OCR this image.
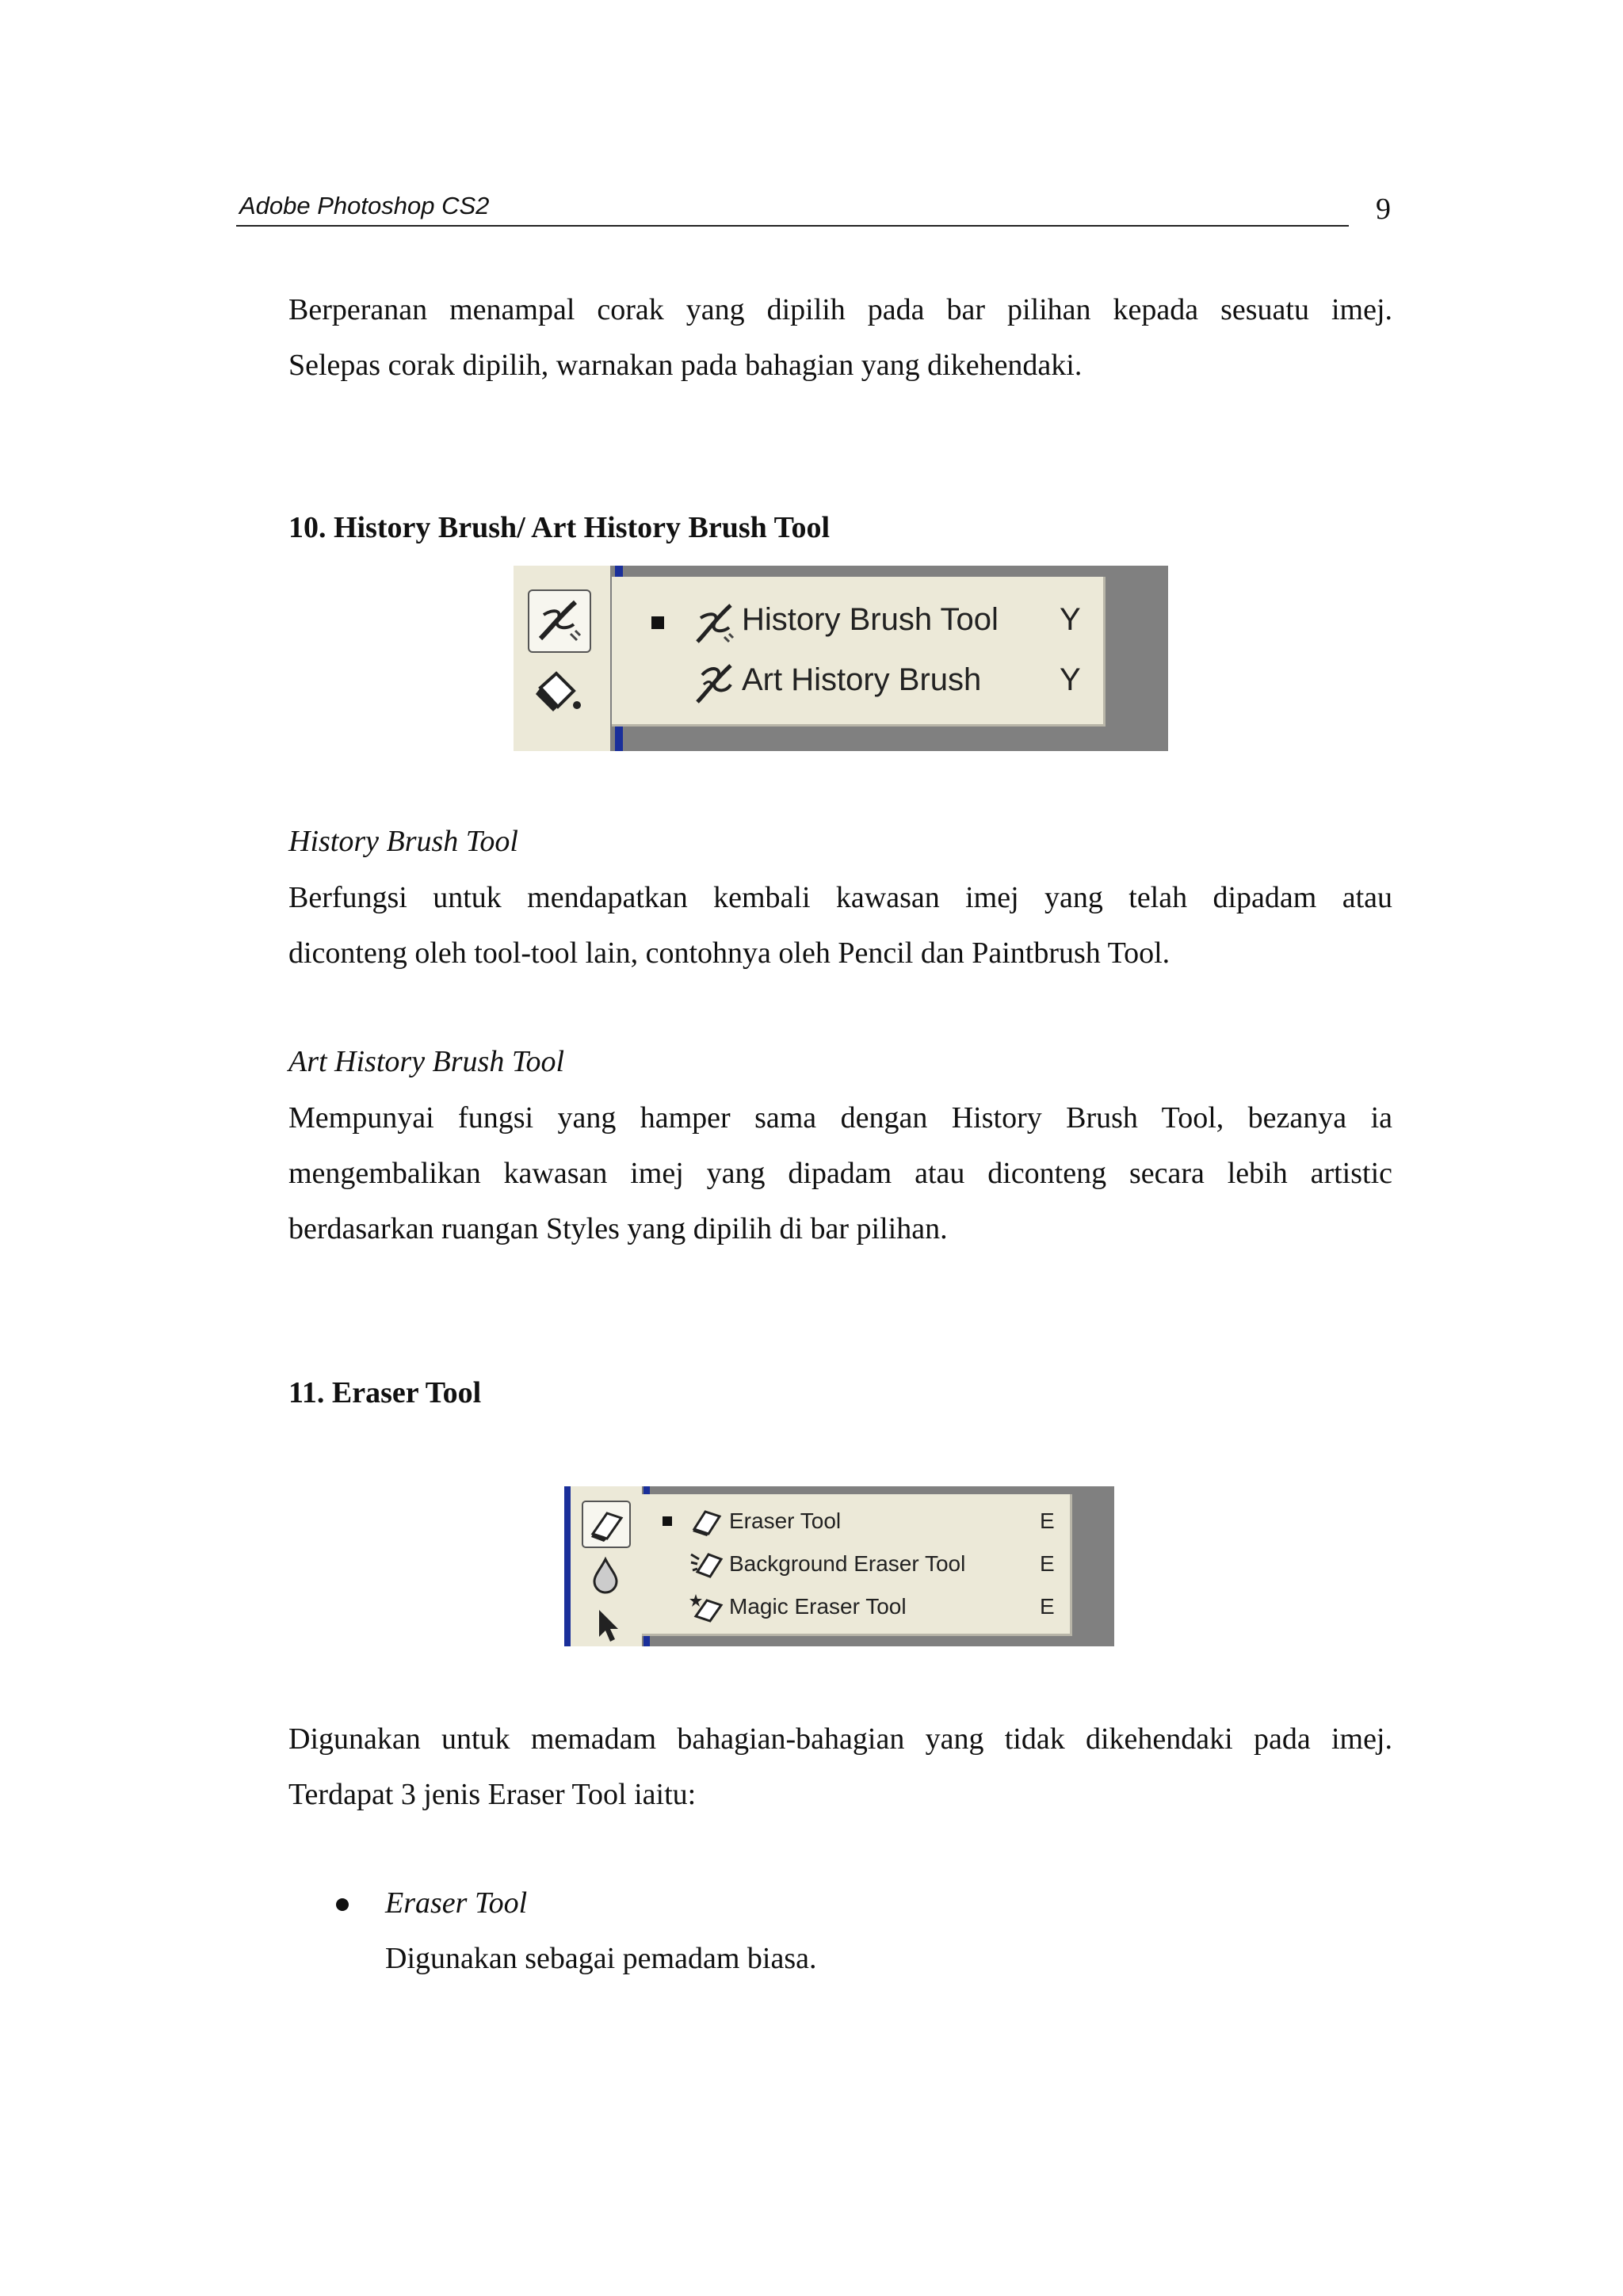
Adobe Photoshop CS2	9
Berperanan menampal corak yang dipilih pada bar pilihan kepada sesuatu imej.
Selepas corak dipilih, warnakan pada bahagian yang dikehendaki.
10. History Brush/ Art History Brush Tool
History Brush Tool Y
Art History Brush Y
History Brush Tool
Berfungsi untuk mendapatkan kembali kawasan imej yang telah dipadam atau
diconteng oleh tool-tool lain, contohnya oleh Pencil dan Paintbrush Tool.
Art History Brush Tool
Mempunyai fungsi yang hamper sama dengan History Brush Tool, bezanya ia
mengembalikan kawasan imej yang dipadam atau diconteng secara lebih artistic
berdasarkan ruangan Styles yang dipilih di bar pilihan.
11. Eraser Tool
Eraser Tool	E
Background Eraser Tool	E
Magic Eraser Tool	E
Digunakan untuk memadam bahagian-bahagian yang tidak dikehendaki pada imej.
Terdapat 3 jenis Eraser Tool iaitu:
Eraser Tool
Digunakan sebagai pemadam biasa.
